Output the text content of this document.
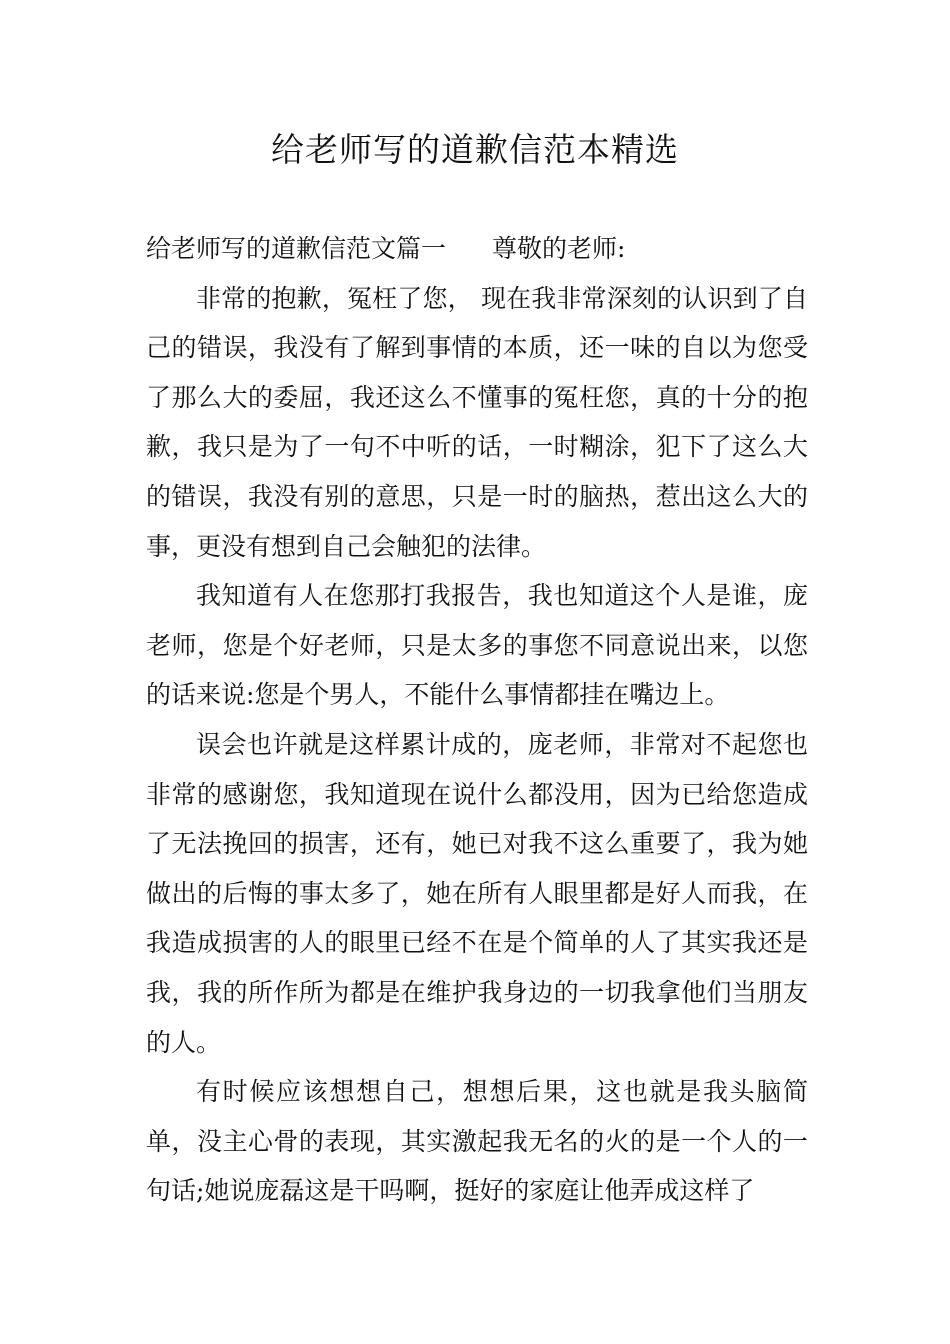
给老师写的道歉信范本精选

给老师写的道歉信范文篇一 尊敬的老师:

非常的抱歉，冤枉了您， 现在我非常深刻的认识到了自己的错误，我没有了解到事情的本质，还一味的自以为您受了那么大的委屈，我还这么不懂事的冤枉您，真的十分的抱歉，我只是为了一句不中听的话，一时糊涂，犯下了这么大的错误，我没有别的意思，只是一时的脑热，惹出这么大的事，更没有想到自己会触犯的法律。

我知道有人在您那打我报告，我也知道这个人是谁，庞老师，您是个好老师，只是太多的事您不同意说出来，以您的话来说:您是个男人，不能什么事情都挂在嘴边上。

误会也许就是这样累计成的，庞老师，非常对不起您也非常的感谢您，我知道现在说什么都没用，因为已给您造成了无法挽回的损害，还有，她已对我不这么重要了，我为她做出的后悔的事太多了，她在所有人眼里都是好人而我，在我造成损害的人的眼里已经不在是个简单的人了其实我还是我，我的所作所为都是在维护我身边的一切我拿他们当朋友的人。

有时候应该想想自己，想想后果，这也就是我头脑简单，没主心骨的表现，其实激起我无名的火的是一个人的一句话;她说庞磊这是干吗啊，挺好的家庭让他弄成这样了
